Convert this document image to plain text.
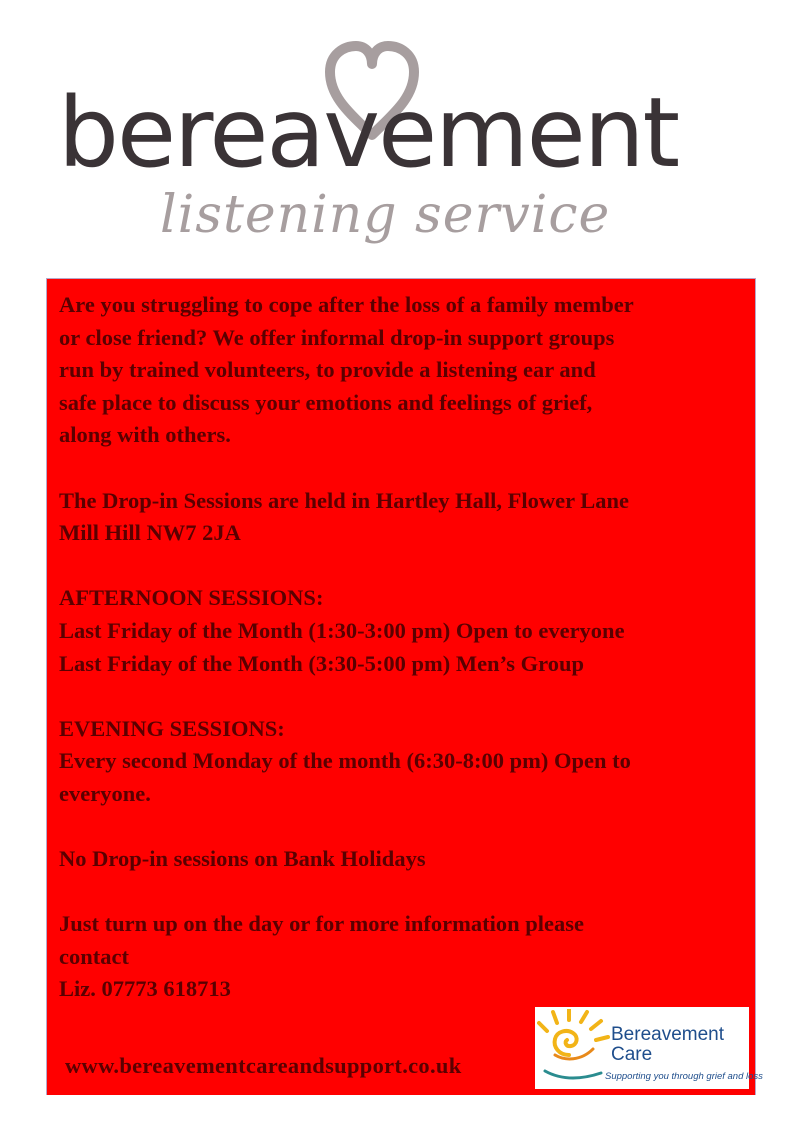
bereavement
listening service

Are you struggling to cope after the loss of a family member

or close friend? We offer informal drop-in support groups

run by trained volunteers, to provide a listening ear and

safe place to discuss your emotions and feelings of grief,

along with others.

The Drop-in Sessions are held in Hartley Hall, Flower Lane

Mill Hill NW7 2JA

AFTERNOON SESSIONS:

Last Friday of the Month (1:30-3:00 pm) Open to everyone

Last Friday of the Month (3:30-5:00 pm) Men’s Group

EVENING SESSIONS:

Every second Monday of the month (6:30-8:00 pm) Open to

everyone.

No Drop-in sessions on Bank Holidays

Just turn up on the day or for more information please

contact

Liz. 07773 618713

www.bereavementcareandsupport.co.uk
Bereavement
Care
Supporting you through grief and loss
